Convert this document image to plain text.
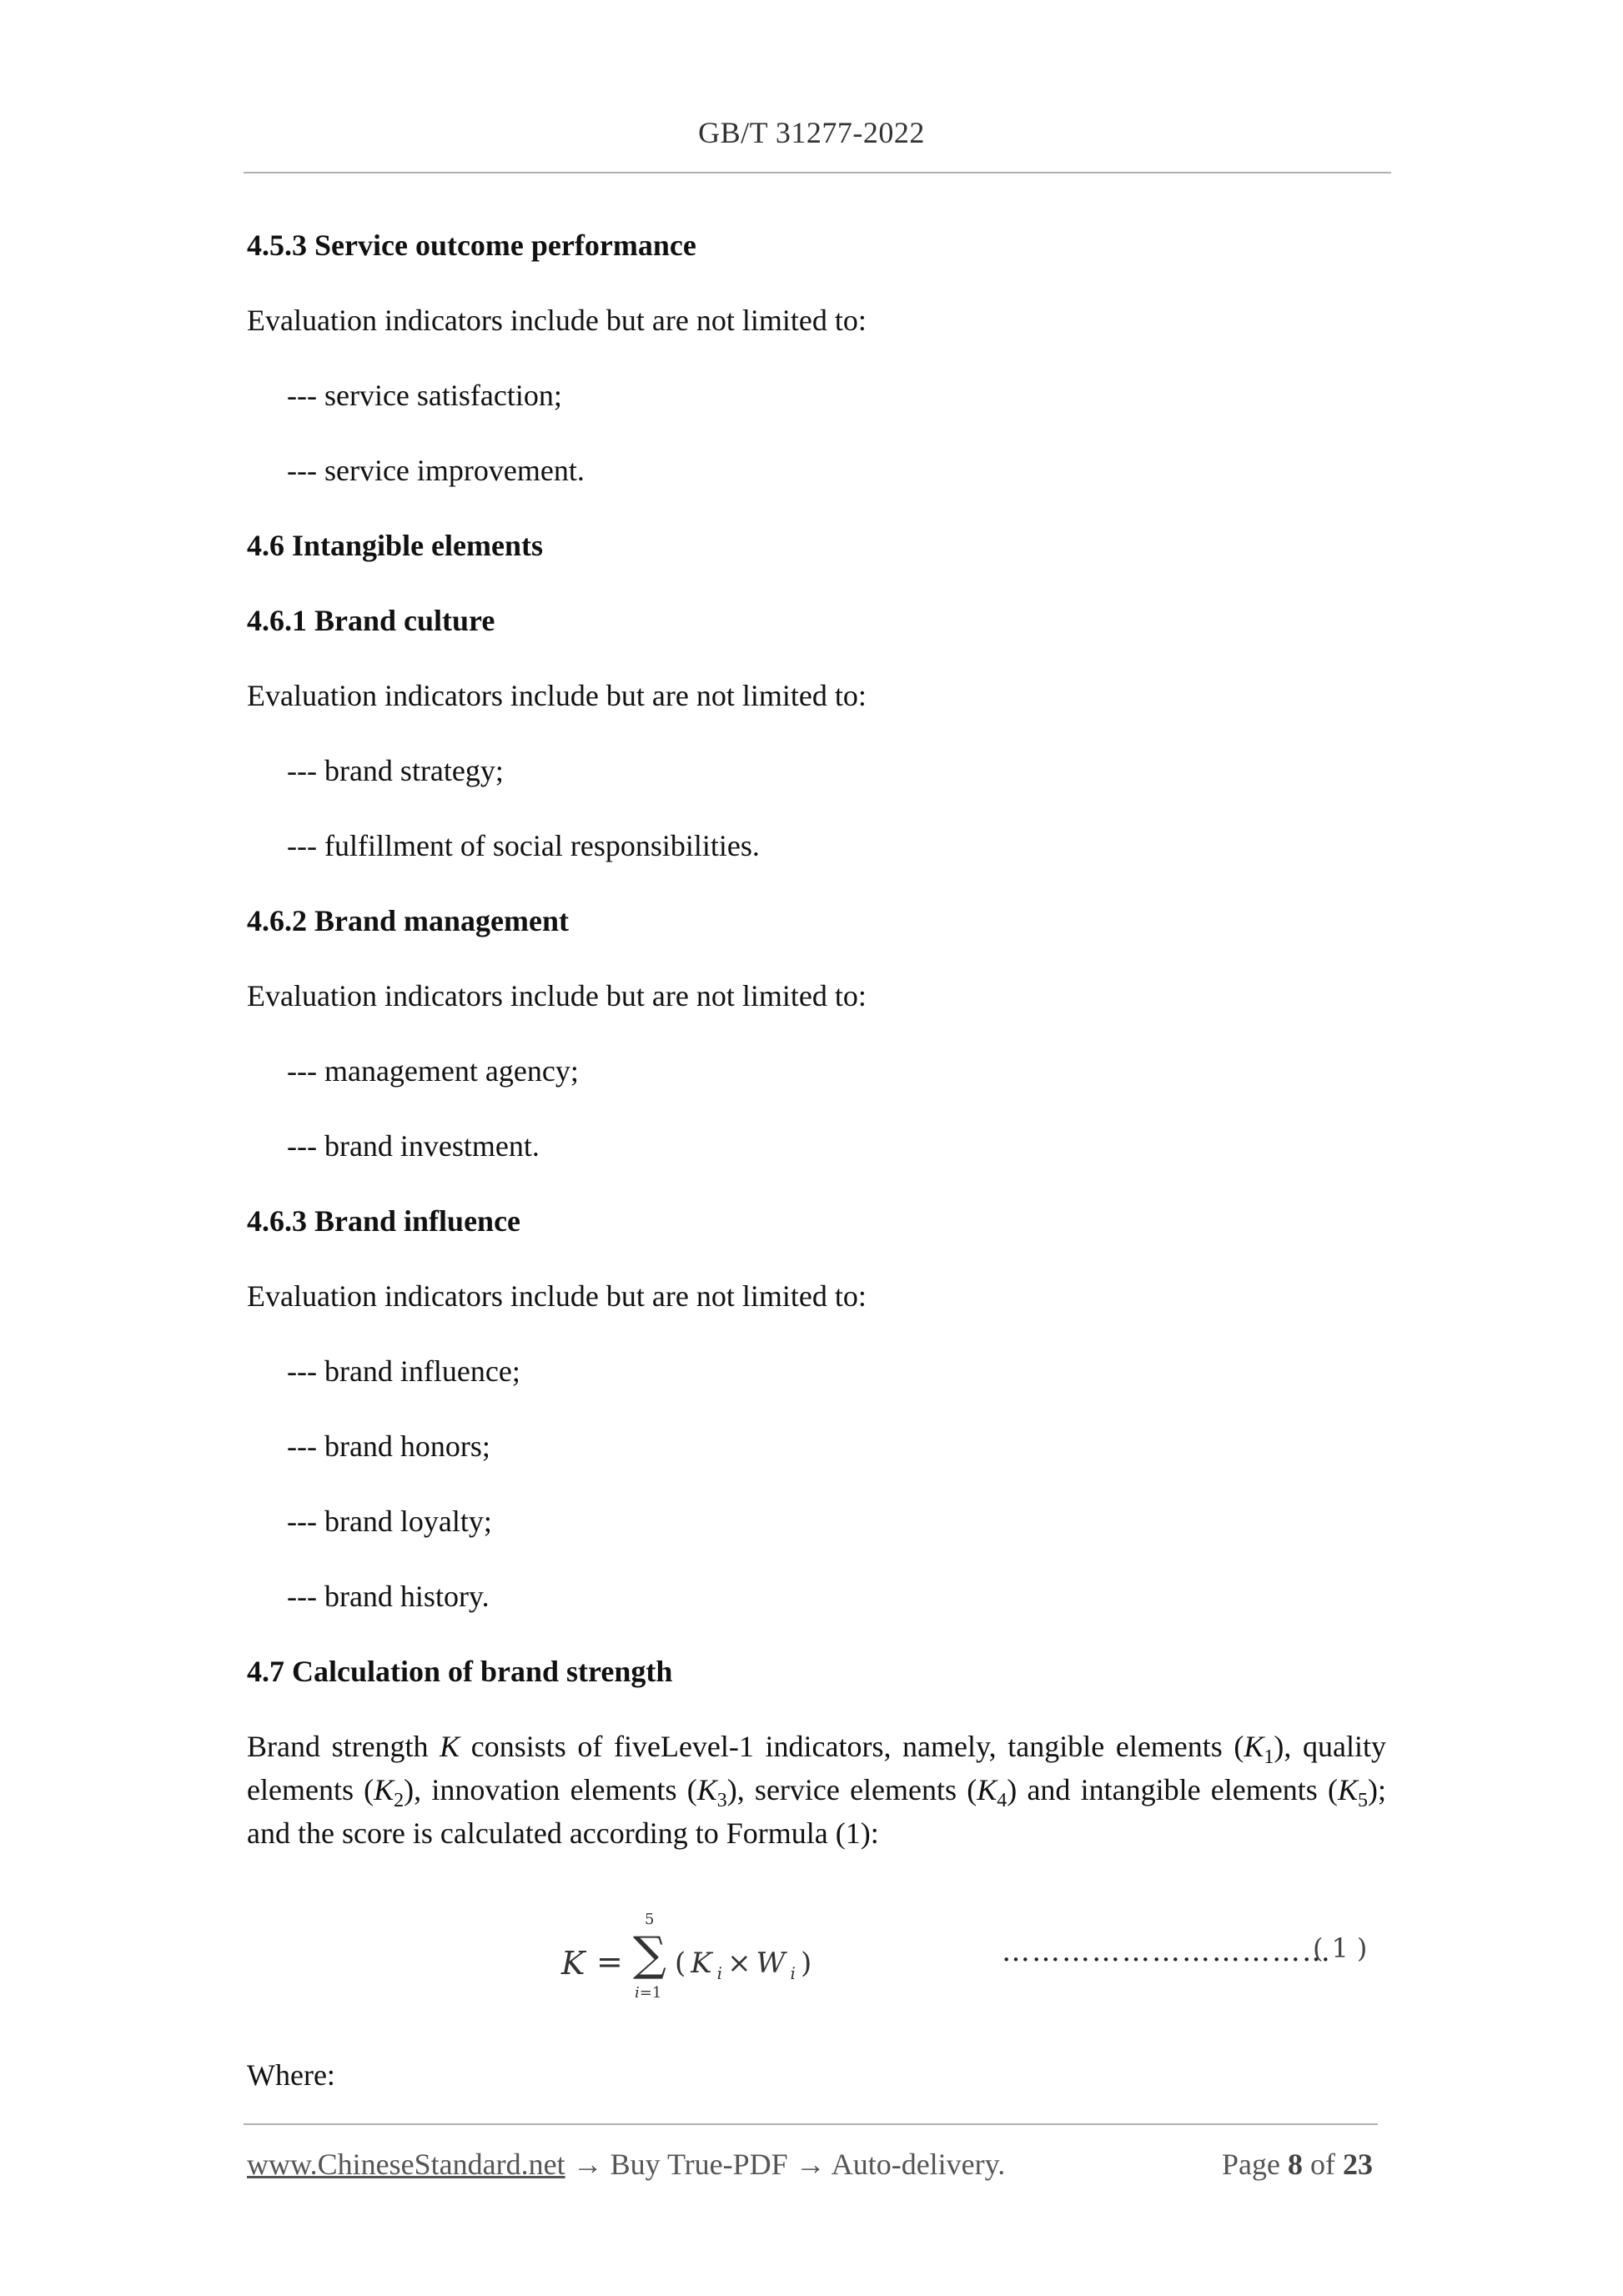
GB/T 31277-2022
4.5.3 Service outcome performance
Evaluation indicators include but are not limited to:
--- service satisfaction;
--- service improvement.
4.6 Intangible elements
4.6.1 Brand culture
Evaluation indicators include but are not limited to:
--- brand strategy;
--- fulfillment of social responsibilities.
4.6.2 Brand management
Evaluation indicators include but are not limited to:
--- management agency;
--- brand investment.
4.6.3 Brand influence
Evaluation indicators include but are not limited to:
--- brand influence;
--- brand honors;
--- brand loyalty;
--- brand history.
4.7 Calculation of brand strength
Brand strength K consists of fiveLevel-1 indicators, namely, tangible elements $(K_1)$, quality elements $(K_2)$, innovation elements $(K_3)$, service elements $(K_4)$ and intangible elements $(K_5)$; and the score is calculated according to Formula (1):
K =
5
∑
i=1
$(K_i\times W_i)$	……………………………
(1)
Where:
www.ChineseStandard.net → Buy True-PDF → Auto-delivery.	Page 8 of 23
